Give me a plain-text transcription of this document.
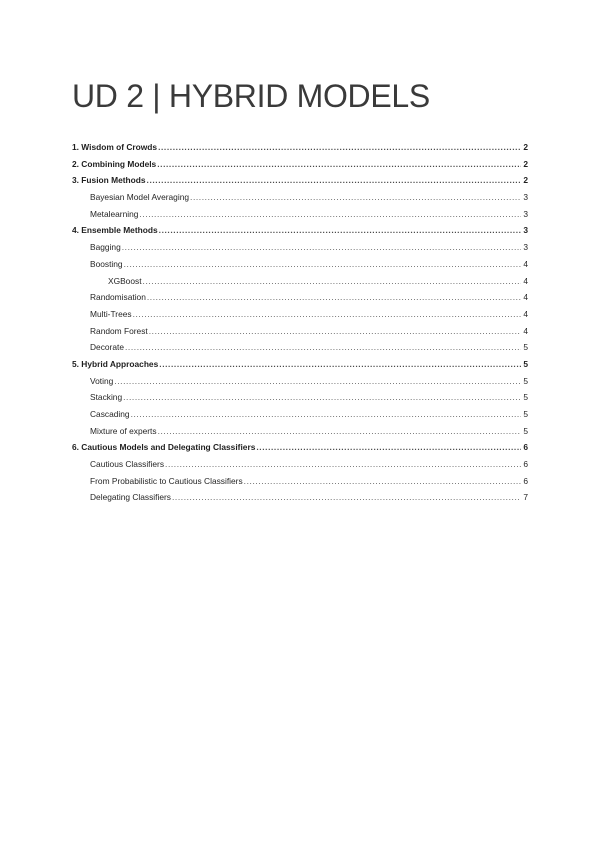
UD 2 | HYBRID MODELS
1. Wisdom of Crowds .....	2
2. Combining Models .....	2
3. Fusion Methods .....	2
Bayesian Model Averaging .....	3
Metalearning .....	3
4. Ensemble Methods .....	3
Bagging .....	3
Boosting .....	4
XGBoost .....	4
Randomisation .....	4
Multi-Trees .....	4
Random Forest .....	4
Decorate .....	5
5. Hybrid Approaches .....	5
Voting .....	5
Stacking .....	5
Cascading .....	5
Mixture of experts .....	5
6. Cautious Models and Delegating Classifiers .....	6
Cautious Classifiers .....	6
From Probabilistic to Cautious Classifiers .....	6
Delegating Classifiers .....	7
